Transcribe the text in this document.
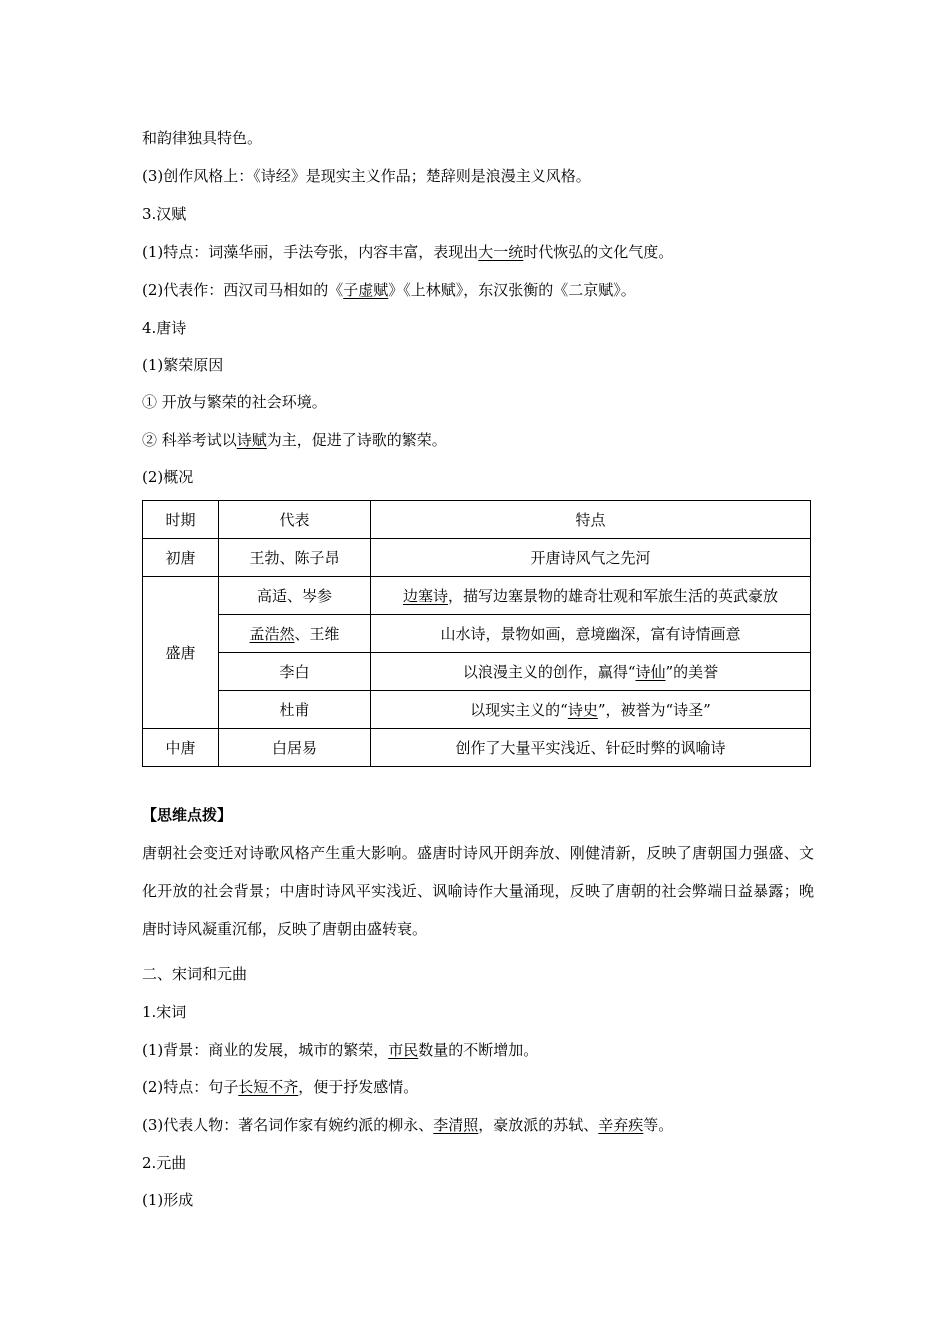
和韵律独具特色。
(3)创作风格上：《诗经》是现实主义作品；楚辞则是浪漫主义风格。
3.汉赋
(1)特点：词藻华丽，手法夸张，内容丰富，表现出大一统时代恢弘的文化气度。
(2)代表作：西汉司马相如的《子虚赋》《上林赋》，东汉张衡的《二京赋》。
4.唐诗
(1)繁荣原因
① 开放与繁荣的社会环境。
② 科举考试以诗赋为主，促进了诗歌的繁荣。
(2)概况
时期	代表	特点
初唐	王勃、陈子昂	开唐诗风气之先河
盛唐	高适、岑参	边塞诗，描写边塞景物的雄奇壮观和军旅生活的英武豪放
	孟浩然、王维	山水诗，景物如画，意境幽深，富有诗情画意
	李白	以浪漫主义的创作，赢得“诗仙”的美誉
	杜甫	以现实主义的“诗史”，被誉为“诗圣”
中唐	白居易	创作了大量平实浅近、针砭时弊的讽喻诗
【思维点拨】
唐朝社会变迁对诗歌风格产生重大影响。盛唐时诗风开朗奔放、刚健清新，反映了唐朝国力强盛、文化开放的社会背景；中唐时诗风平实浅近、讽喻诗作大量涌现，反映了唐朝的社会弊端日益暴露；晚唐时诗风凝重沉郁，反映了唐朝由盛转衰。
二、宋词和元曲
1.宋词
(1)背景：商业的发展，城市的繁荣，市民数量的不断增加。
(2)特点：句子长短不齐，便于抒发感情。
(3)代表人物：著名词作家有婉约派的柳永、李清照，豪放派的苏轼、辛弃疾等。
2.元曲
(1)形成
